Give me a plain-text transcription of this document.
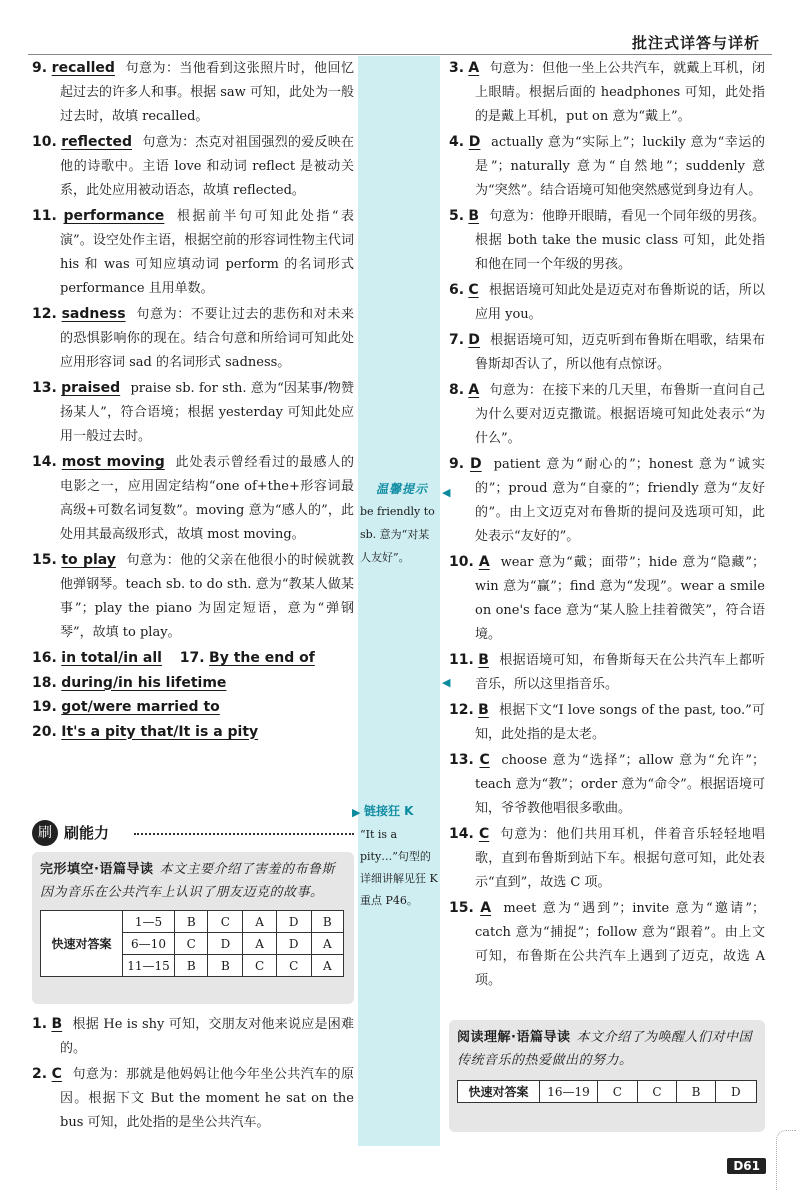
批注式详答与详析
温馨提示
be friendly to sb. 意为“对某人友好”。
链接狂 K
“It is a pity…”句型的详细讲解见狂 K 重点 P46。
◀
◀
▶
9. recalled 句意为：当他看到这张照片时，他回忆起过去的许多人和事。根据 saw 可知，此处为一般过去时，故填 recalled。
10. reflected 句意为：杰克对祖国强烈的爱反映在他的诗歌中。主语 love 和动词 reflect 是被动关系，此处应用被动语态，故填 reflected。
11. performance 根据前半句可知此处指“表演”。设空处作主语，根据空前的形容词性物主代词 his 和 was 可知应填动词 perform 的名词形式 performance 且用单数。
12. sadness 句意为：不要让过去的悲伤和对未来的恐惧影响你的现在。结合句意和所给词可知此处应用形容词 sad 的名词形式 sadness。
13. praised praise sb. for sth. 意为“因某事/物赞扬某人”，符合语境；根据 yesterday 可知此处应用一般过去时。
14. most moving 此处表示曾经看过的最感人的电影之一，应用固定结构“one of+the+形容词最高级+可数名词复数”。moving 意为“感人的”，此处用其最高级形式，故填 most moving。
15. to play 句意为：他的父亲在他很小的时候就教他弹钢琴。teach sb. to do sth. 意为“教某人做某事”；play the piano 为固定短语，意为“弹钢琴”，故填 to play。
16. in total/in all 17. By the end of
18. during/in his lifetime
19. got/were married to
20. It's a pity that/It is a pity
刷 刷能力
完形填空·语篇导读 本文主要介绍了害羞的布鲁斯因为音乐在公共汽车上认识了朋友迈克的故事。
快速对答案	1—5	B	C	A	D	B
	6—10	C	D	A	D	A
	11—15	B	B	C	C	A
1. B 根据 He is shy 可知，交朋友对他来说应是困难的。
2. C 句意为：那就是他妈妈让他今年坐公共汽车的原因。根据下文 But the moment he sat on the bus 可知，此处指的是坐公共汽车。
3. A 句意为：但他一坐上公共汽车，就戴上耳机，闭上眼睛。根据后面的 headphones 可知，此处指的是戴上耳机，put on 意为“戴上”。
4. D actually 意为“实际上”；luckily 意为“幸运的是”；naturally 意为“自然地”；suddenly 意为“突然”。结合语境可知他突然感觉到身边有人。
5. B 句意为：他睁开眼睛，看见一个同年级的男孩。根据 both take the music class 可知，此处指和他在同一个年级的男孩。
6. C 根据语境可知此处是迈克对布鲁斯说的话，所以应用 you。
7. D 根据语境可知，迈克听到布鲁斯在唱歌，结果布鲁斯却否认了，所以他有点惊讶。
8. A 句意为：在接下来的几天里，布鲁斯一直问自己为什么要对迈克撒谎。根据语境可知此处表示“为什么”。
9. D patient 意为“耐心的”；honest 意为“诚实的”；proud 意为“自豪的”；friendly 意为“友好的”。由上文迈克对布鲁斯的提问及选项可知，此处表示“友好的”。
10. A wear 意为“戴；面带”；hide 意为“隐藏”；win 意为“赢”；find 意为“发现”。wear a smile on one's face 意为“某人脸上挂着微笑”，符合语境。
11. B 根据语境可知，布鲁斯每天在公共汽车上都听音乐，所以这里指音乐。
12. B 根据下文“I love songs of the past, too.”可知，此处指的是太老。
13. C choose 意为“选择”；allow 意为“允许”；teach 意为“教”；order 意为“命令”。根据语境可知，爷爷教他唱很多歌曲。
14. C 句意为：他们共用耳机，伴着音乐轻轻地唱歌，直到布鲁斯到站下车。根据句意可知，此处表示“直到”，故选 C 项。
15. A meet 意为“遇到”；invite 意为“邀请”；catch 意为“捕捉”；follow 意为“跟着”。由上文可知，布鲁斯在公共汽车上遇到了迈克，故选 A 项。
阅读理解·语篇导读 本文介绍了为唤醒人们对中国传统音乐的热爱做出的努力。
快速对答案	16—19	C	C	B	D
D61
